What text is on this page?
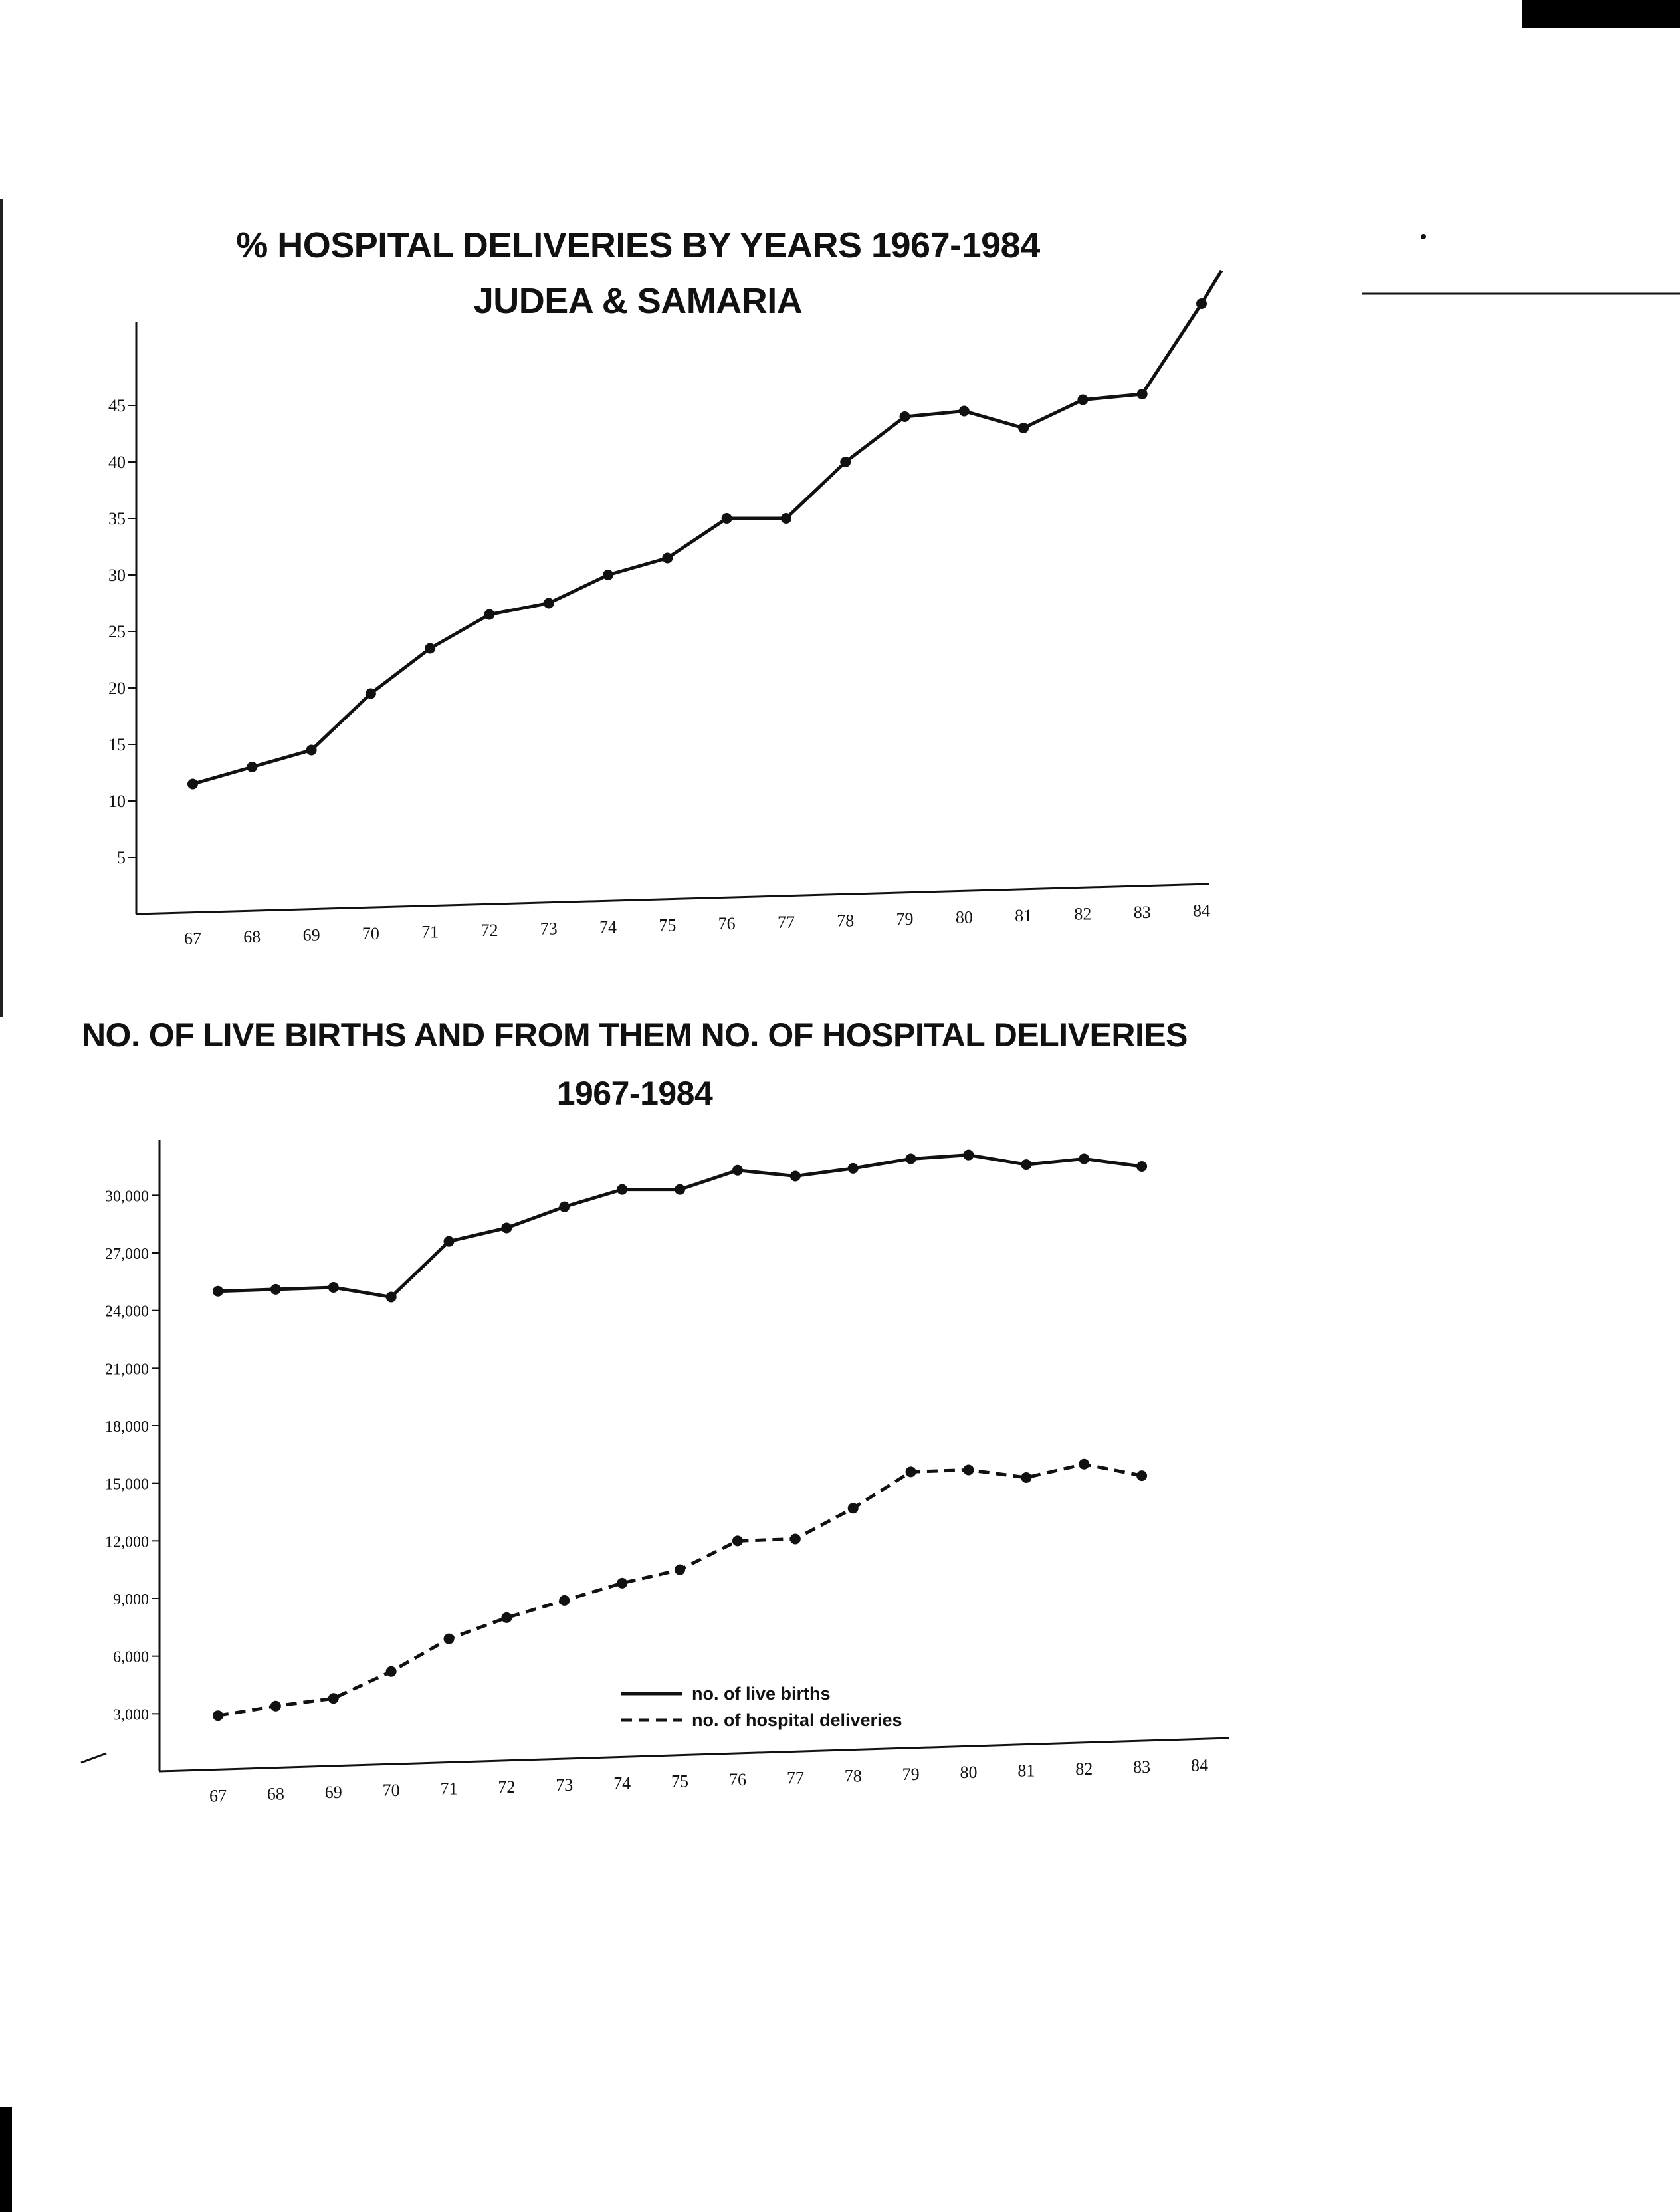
% HOSPITAL DELIVERIES BY YEARS 1967-1984
JUDEA & SAMARIA
NO. OF LIVE BIRTHS AND FROM THEM NO. OF HOSPITAL DELIVERIES
1967-1984
5
10
15
20
25
30
35
40
45
67 68 69 70 71 72 73 74 75 76 77 78 79 80 81 82 83 84
3,000
6,000
9,000
12,000
15,000
18,000
21,000
24,000
27,000
30,000
67 68 69 70 71 72 73 74 75 76 77 78 79 80 81 82 83 84
no. of live births
no. of hospital deliveries
